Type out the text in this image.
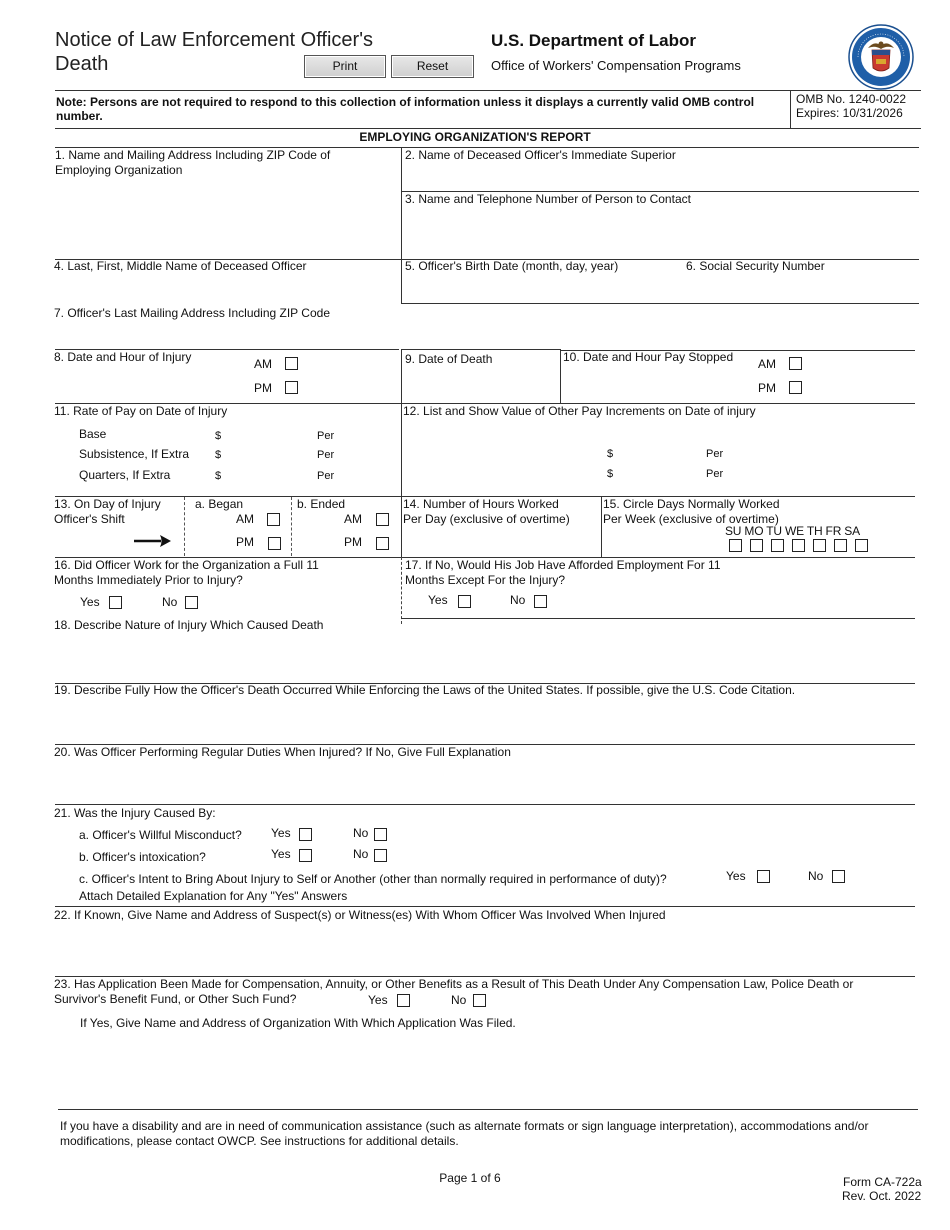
Notice of Law Enforcement Officer's
Death	Print	Reset
U.S. Department of Labor
Office of Workers' Compensation Programs
Note: Persons are not required to respond to this collection of information unless it displays a currently valid OMB control number.
OMB No. 1240-0022
Expires: 10/31/2026
EMPLOYING ORGANIZATION'S REPORT
1. Name and Mailing Address Including ZIP Code of Employing Organization
2. Name of Deceased Officer's Immediate Superior
3. Name and Telephone Number of Person to Contact
4. Last, First, Middle Name of Deceased Officer	5. Officer's Birth Date (month, day, year)	6. Social Security Number
7. Officer's Last Mailing Address Including ZIP Code
8. Date and Hour of Injury	AM
PM
9. Date of Death	10. Date and Hour Pay Stopped AM
PM
11. Rate of Pay on Date of Injury
Base	$	Per
Subsistence, If Extra $	Per
Quarters, If Extra	$	Per
12. List and Show Value of Other Pay Increments on Date of injury
$	Per
$	Per
13. On Day of Injury
Officer's Shift
a. Began
AM
PM
b. Ended
AM
PM
14. Number of Hours Worked
Per Day (exclusive of overtime)
15. Circle Days Normally Worked
Per Week (exclusive of overtime)
SU MO TU WE TH FR SA
16. Did Officer Work for the Organization a Full 11 Months Immediately Prior to Injury?
Yes	No
17. If No, Would His Job Have Afforded Employment For 11 Months Except For the Injury?
Yes	No
18. Describe Nature of Injury Which Caused Death
19. Describe Fully How the Officer's Death Occurred While Enforcing the Laws of the United States. If possible, give the U.S. Code Citation.
20. Was Officer Performing Regular Duties When Injured? If No, Give Full Explanation
21. Was the Injury Caused By:
a. Officer's Willful Misconduct? Yes	No
b. Officer's intoxication?	Yes	No
c. Officer's Intent to Bring About Injury to Self or Another (other than normally required in performance of duty)?	Yes	No
Attach Detailed Explanation for Any "Yes" Answers
22. If Known, Give Name and Address of Suspect(s) or Witness(es) With Whom Officer Was Involved When Injured
23. Has Application Been Made for Compensation, Annuity, or Other Benefits as a Result of This Death Under Any Compensation Law, Police Death or Survivor's Benefit Fund, or Other Such Fund?	Yes	No
If Yes, Give Name and Address of Organization With Which Application Was Filed.
If you have a disability and are in need of communication assistance (such as alternate formats or sign language interpretation), accommodations and/or modifications, please contact OWCP. See instructions for additional details.
Page 1 of 6	Form CA-722a
Rev. Oct. 2022
